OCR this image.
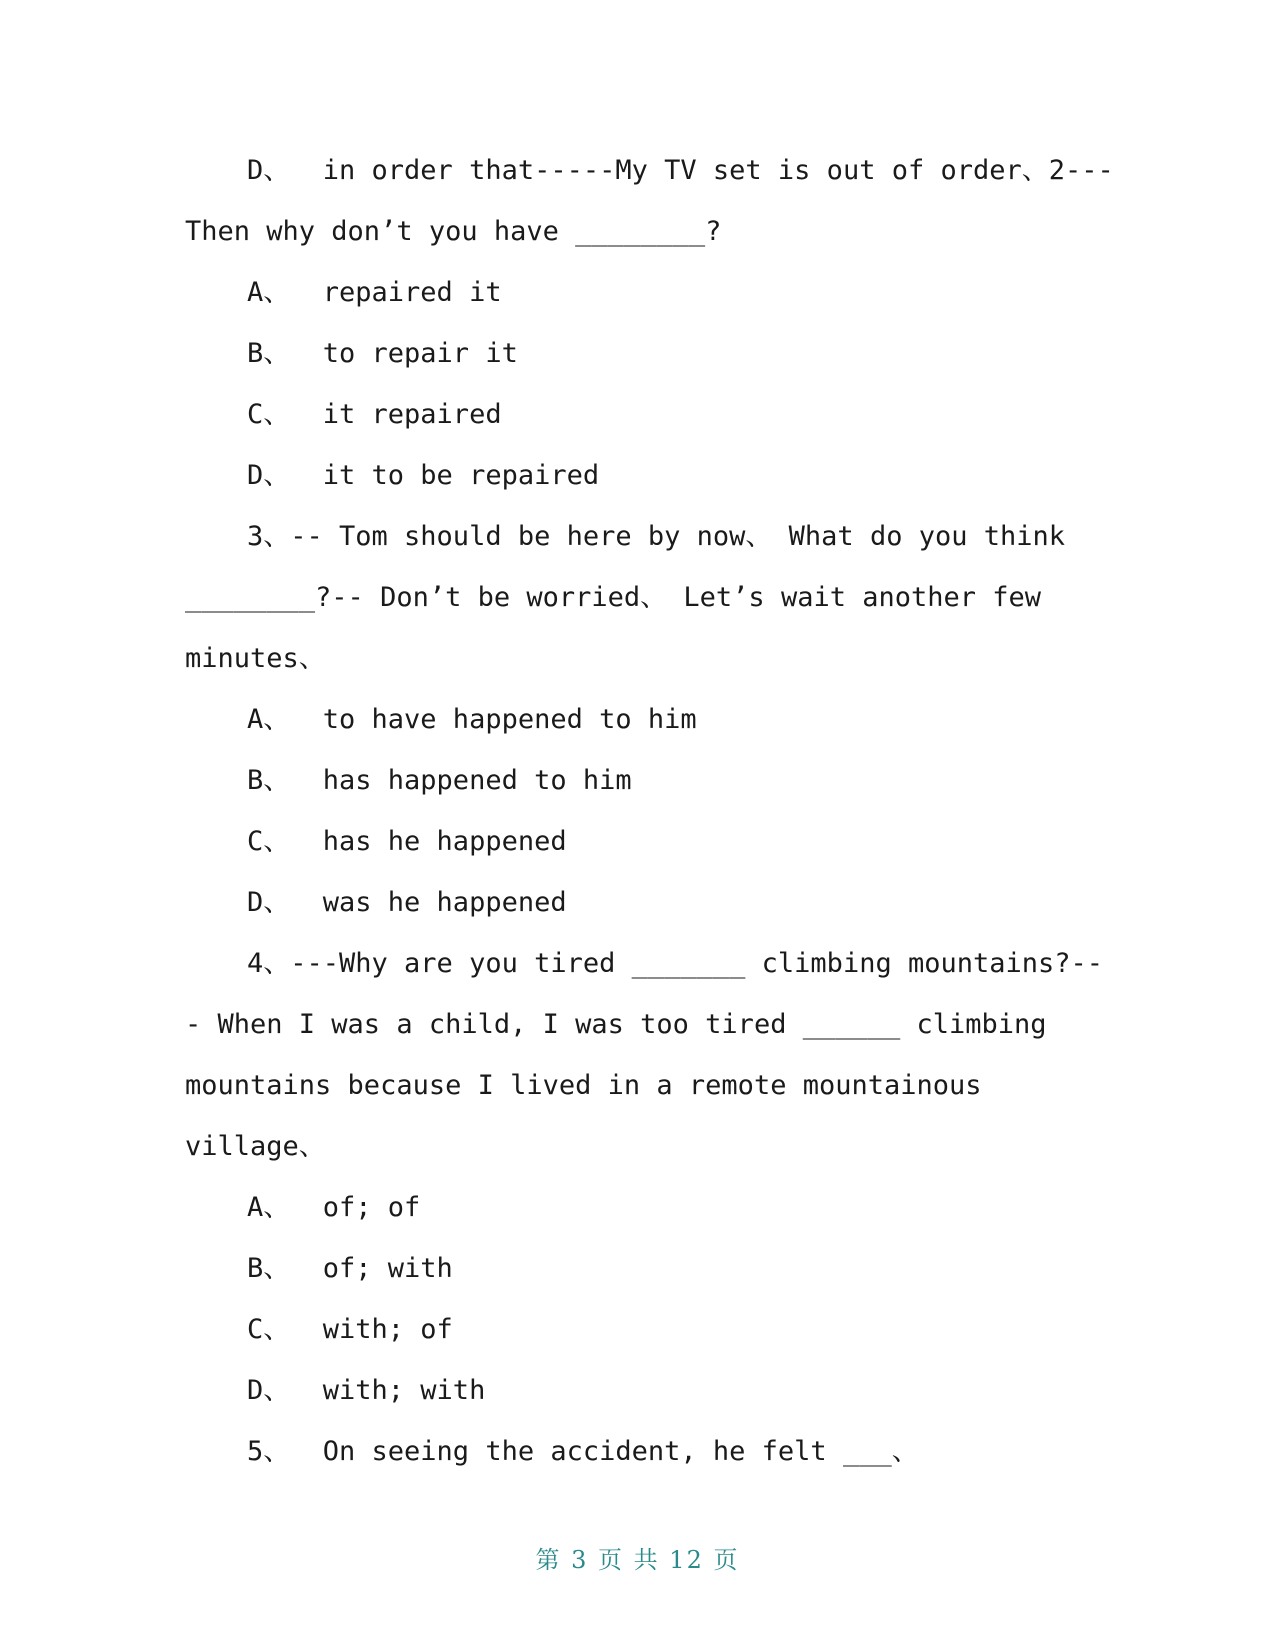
D、  in order that-----My TV set is out of order、2---
Then why don’t you have ________?
A、  repaired it
B、  to repair it
C、  it repaired
D、  it to be repaired
3、-- Tom should be here by now、 What do you think
________?-- Don’t be worried、 Let’s wait another few
minutes、
A、  to have happened to him
B、  has happened to him
C、  has he happened
D、  was he happened
4、---Why are you tired _______ climbing mountains?--
- When I was a child, I was too tired ______ climbing
mountains because I lived in a remote mountainous
village、
A、  of; of
B、  of; with
C、  with; of
D、  with; with
5、  On seeing the accident, he felt ___、
第 3 页 共 12 页
